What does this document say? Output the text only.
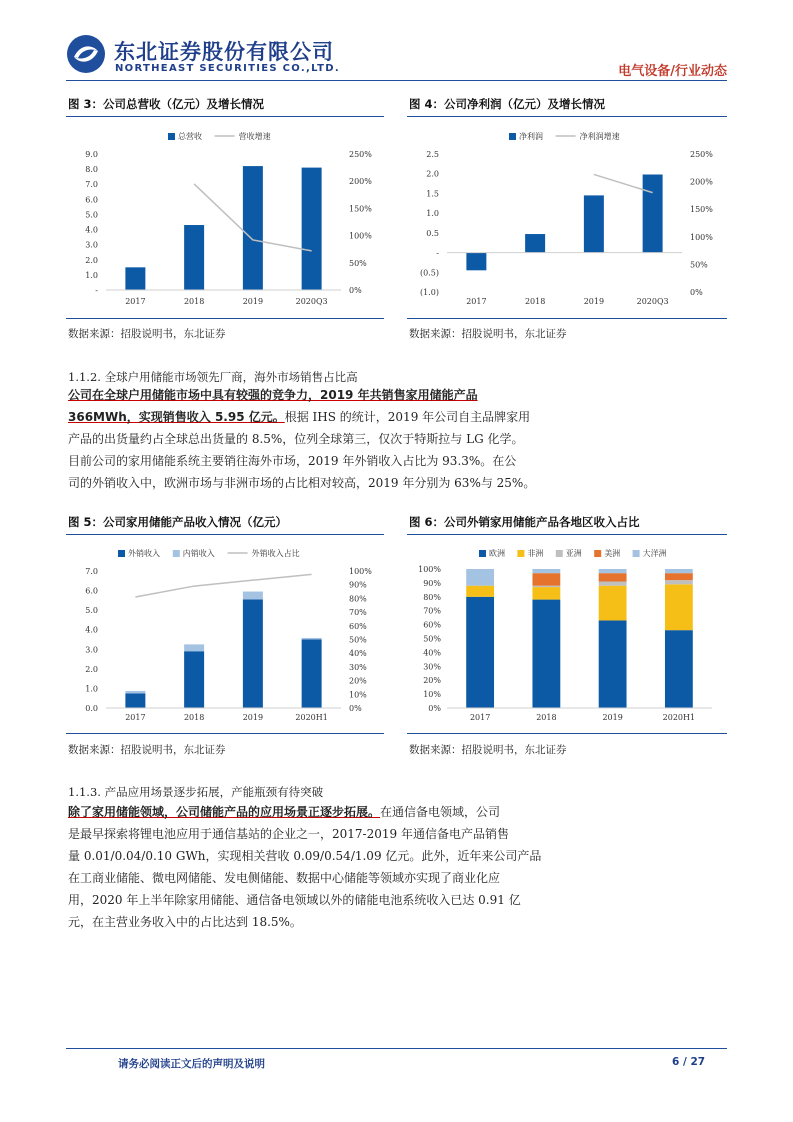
东北证券股份有限公司
NORTHEAST SECURITIES CO.,LTD.	电气设备/行业动态
图 3：公司总营收（亿元）及增长情况
-
1.0
2.0
3.0
4.0
5.0
6.0
7.0
8.0
9.0
0%
50%
100%
150%
200%
250%
2017	2018	2019	2020Q3
总营收	营收增速
数据来源：招股说明书，东北证券
图 4：公司净利润（亿元）及增长情况
(1.0)
(0.5)
-
0.5
1.0
1.5
2.0
2.5
0%
50%
100%
150%
200%
250%
2017	2018	2019	2020Q3
净利润	净利润增速
数据来源：招股说明书，东北证券
1.1.2. 全球户用储能市场领先厂商，海外市场销售占比高
公司在全球户用储能市场中具有较强的竞争力，2019 年共销售家用储能产品
366MWh，实现销售收入 5.95 亿元。根据 IHS 的统计，2019 年公司自主品牌家用
产品的出货量约占全球总出货量的 8.5%，位列全球第三，仅次于特斯拉与 LG 化学。
目前公司的家用储能系统主要销往海外市场，2019 年外销收入占比为 93.3%。在公
司的外销收入中，欧洲市场与非洲市场的占比相对较高，2019 年分别为 63%与 25%。
图 5：公司家用储能产品收入情况（亿元）
0.0
1.0
2.0
3.0
4.0
5.0
6.0
7.0
0%
10%
20%
30%
40%
50%
60%
70%
80%
90%
100%
2017	2018	2019	2020H1
外销收入	内销收入	外销收入占比
数据来源：招股说明书，东北证券
图 6：公司外销家用储能产品各地区收入占比
0%
10%
20%
30%
40%
50%
60%
70%
80%
90%
100%
2017	2018	2019	2020H1
欧洲	非洲	亚洲	美洲	大洋洲
数据来源：招股说明书，东北证券
1.1.3. 产品应用场景逐步拓展，产能瓶颈有待突破
除了家用储能领域，公司储能产品的应用场景正逐步拓展。在通信备电领域，公司
是最早探索将锂电池应用于通信基站的企业之一，2017-2019 年通信备电产品销售
量 0.01/0.04/0.10 GWh，实现相关营收 0.09/0.54/1.09 亿元。此外，近年来公司产品
在工商业储能、微电网储能、发电侧储能、数据中心储能等领域亦实现了商业化应
用，2020 年上半年除家用储能、通信备电领域以外的储能电池系统收入已达 0.91 亿
元，在主营业务收入中的占比达到 18.5%。
请务必阅读正文后的声明及说明	6 / 27
